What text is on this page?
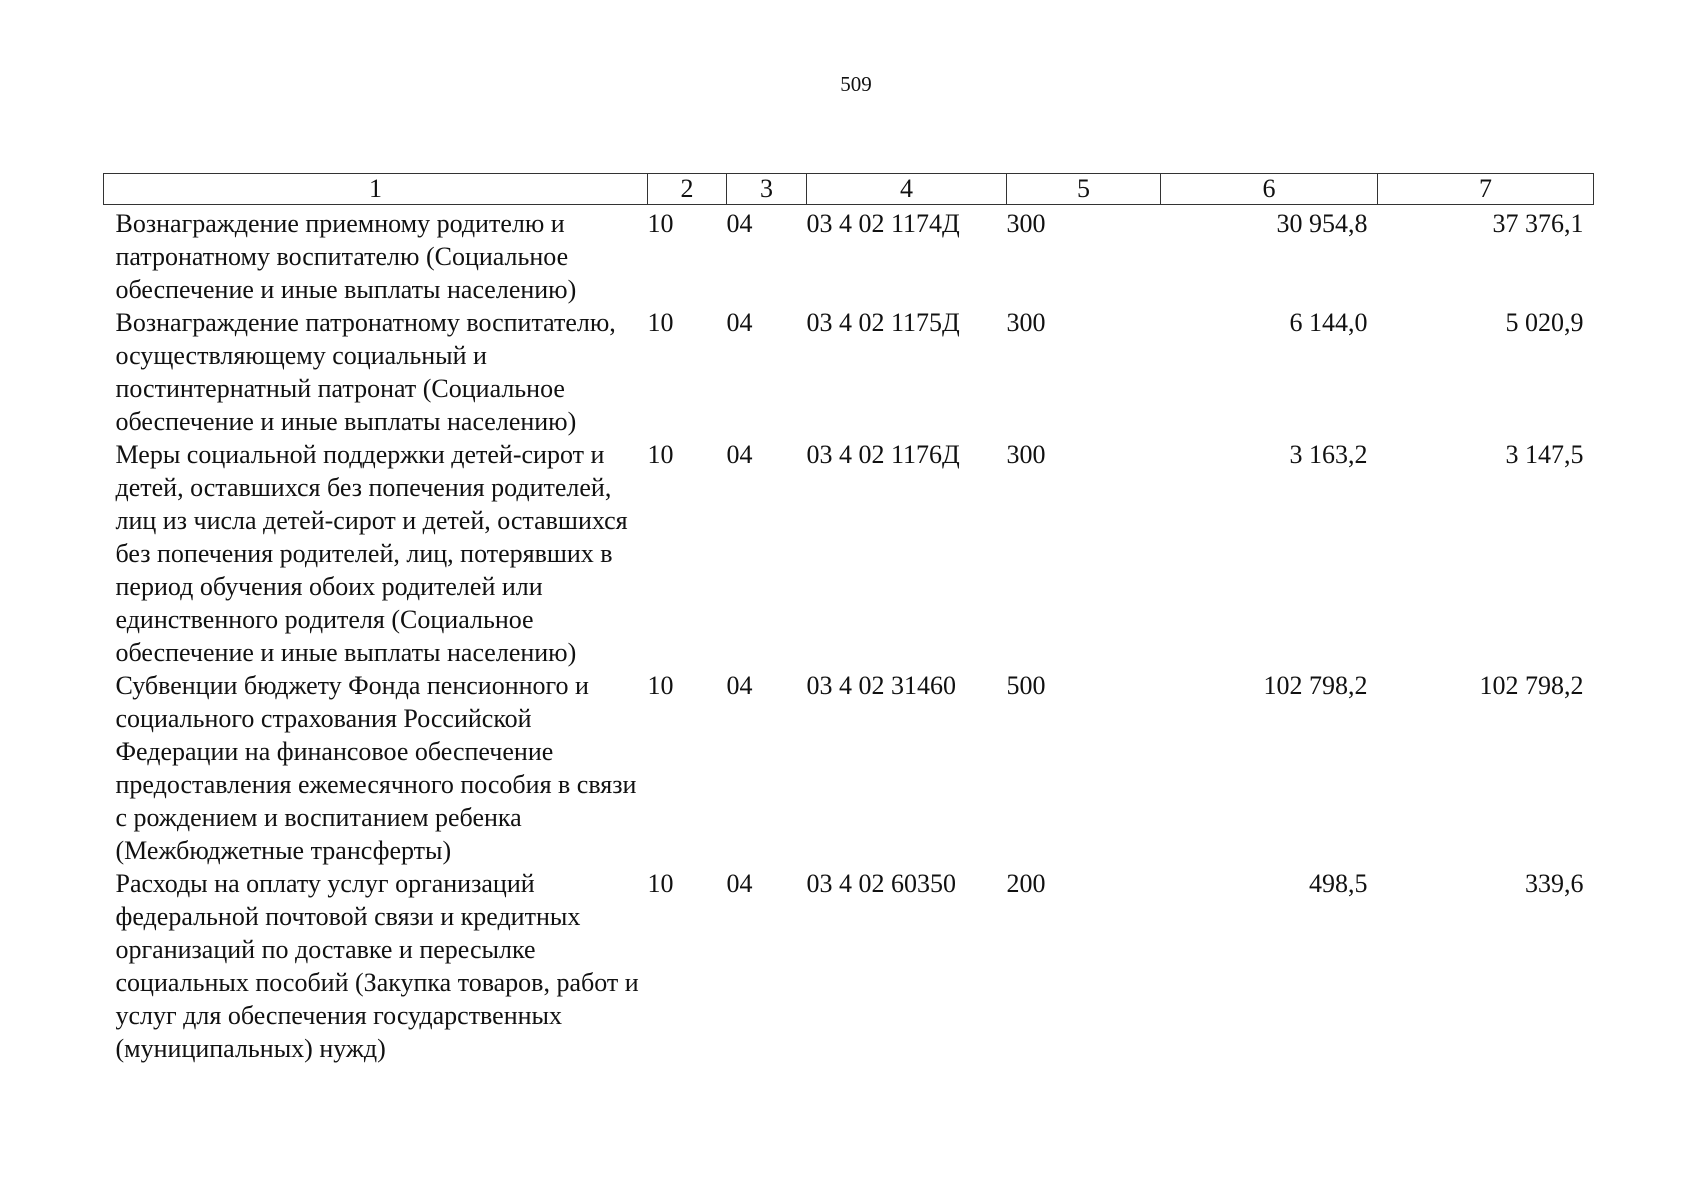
509
1	2	3	4	5	6	7
Вознаграждение приемному родителю и патронатному воспитателю (Социальное обеспечение и иные выплаты населению)	10	04	03 4 02 1174Д	300	30 954,8	37 376,1
Вознаграждение патронатному воспитателю, осуществляющему социальный и постинтернатный патронат (Социальное обеспечение и иные выплаты населению)	10	04	03 4 02 1175Д	300	6 144,0	5 020,9
Меры социальной поддержки детей-сирот и детей, оставшихся без попечения родителей, лиц из числа детей-сирот и детей, оставшихся без попечения родителей, лиц, потерявших в период обучения обоих родителей или единственного родителя (Социальное обеспечение и иные выплаты населению)	10	04	03 4 02 1176Д	300	3 163,2	3 147,5
Субвенции бюджету Фонда пенсионного и социального страхования Российской Федерации на финансовое обеспечение предоставления ежемесячного пособия в связи с рождением и воспитанием ребенка (Межбюджетные трансферты)	10	04	03 4 02 31460	500	102 798,2	102 798,2
Расходы на оплату услуг организаций федеральной почтовой связи и кредитных организаций по доставке и пересылке социальных пособий (Закупка товаров, работ и услуг для обеспечения государственных (муниципальных) нужд)	10	04	03 4 02 60350	200	498,5	339,6
